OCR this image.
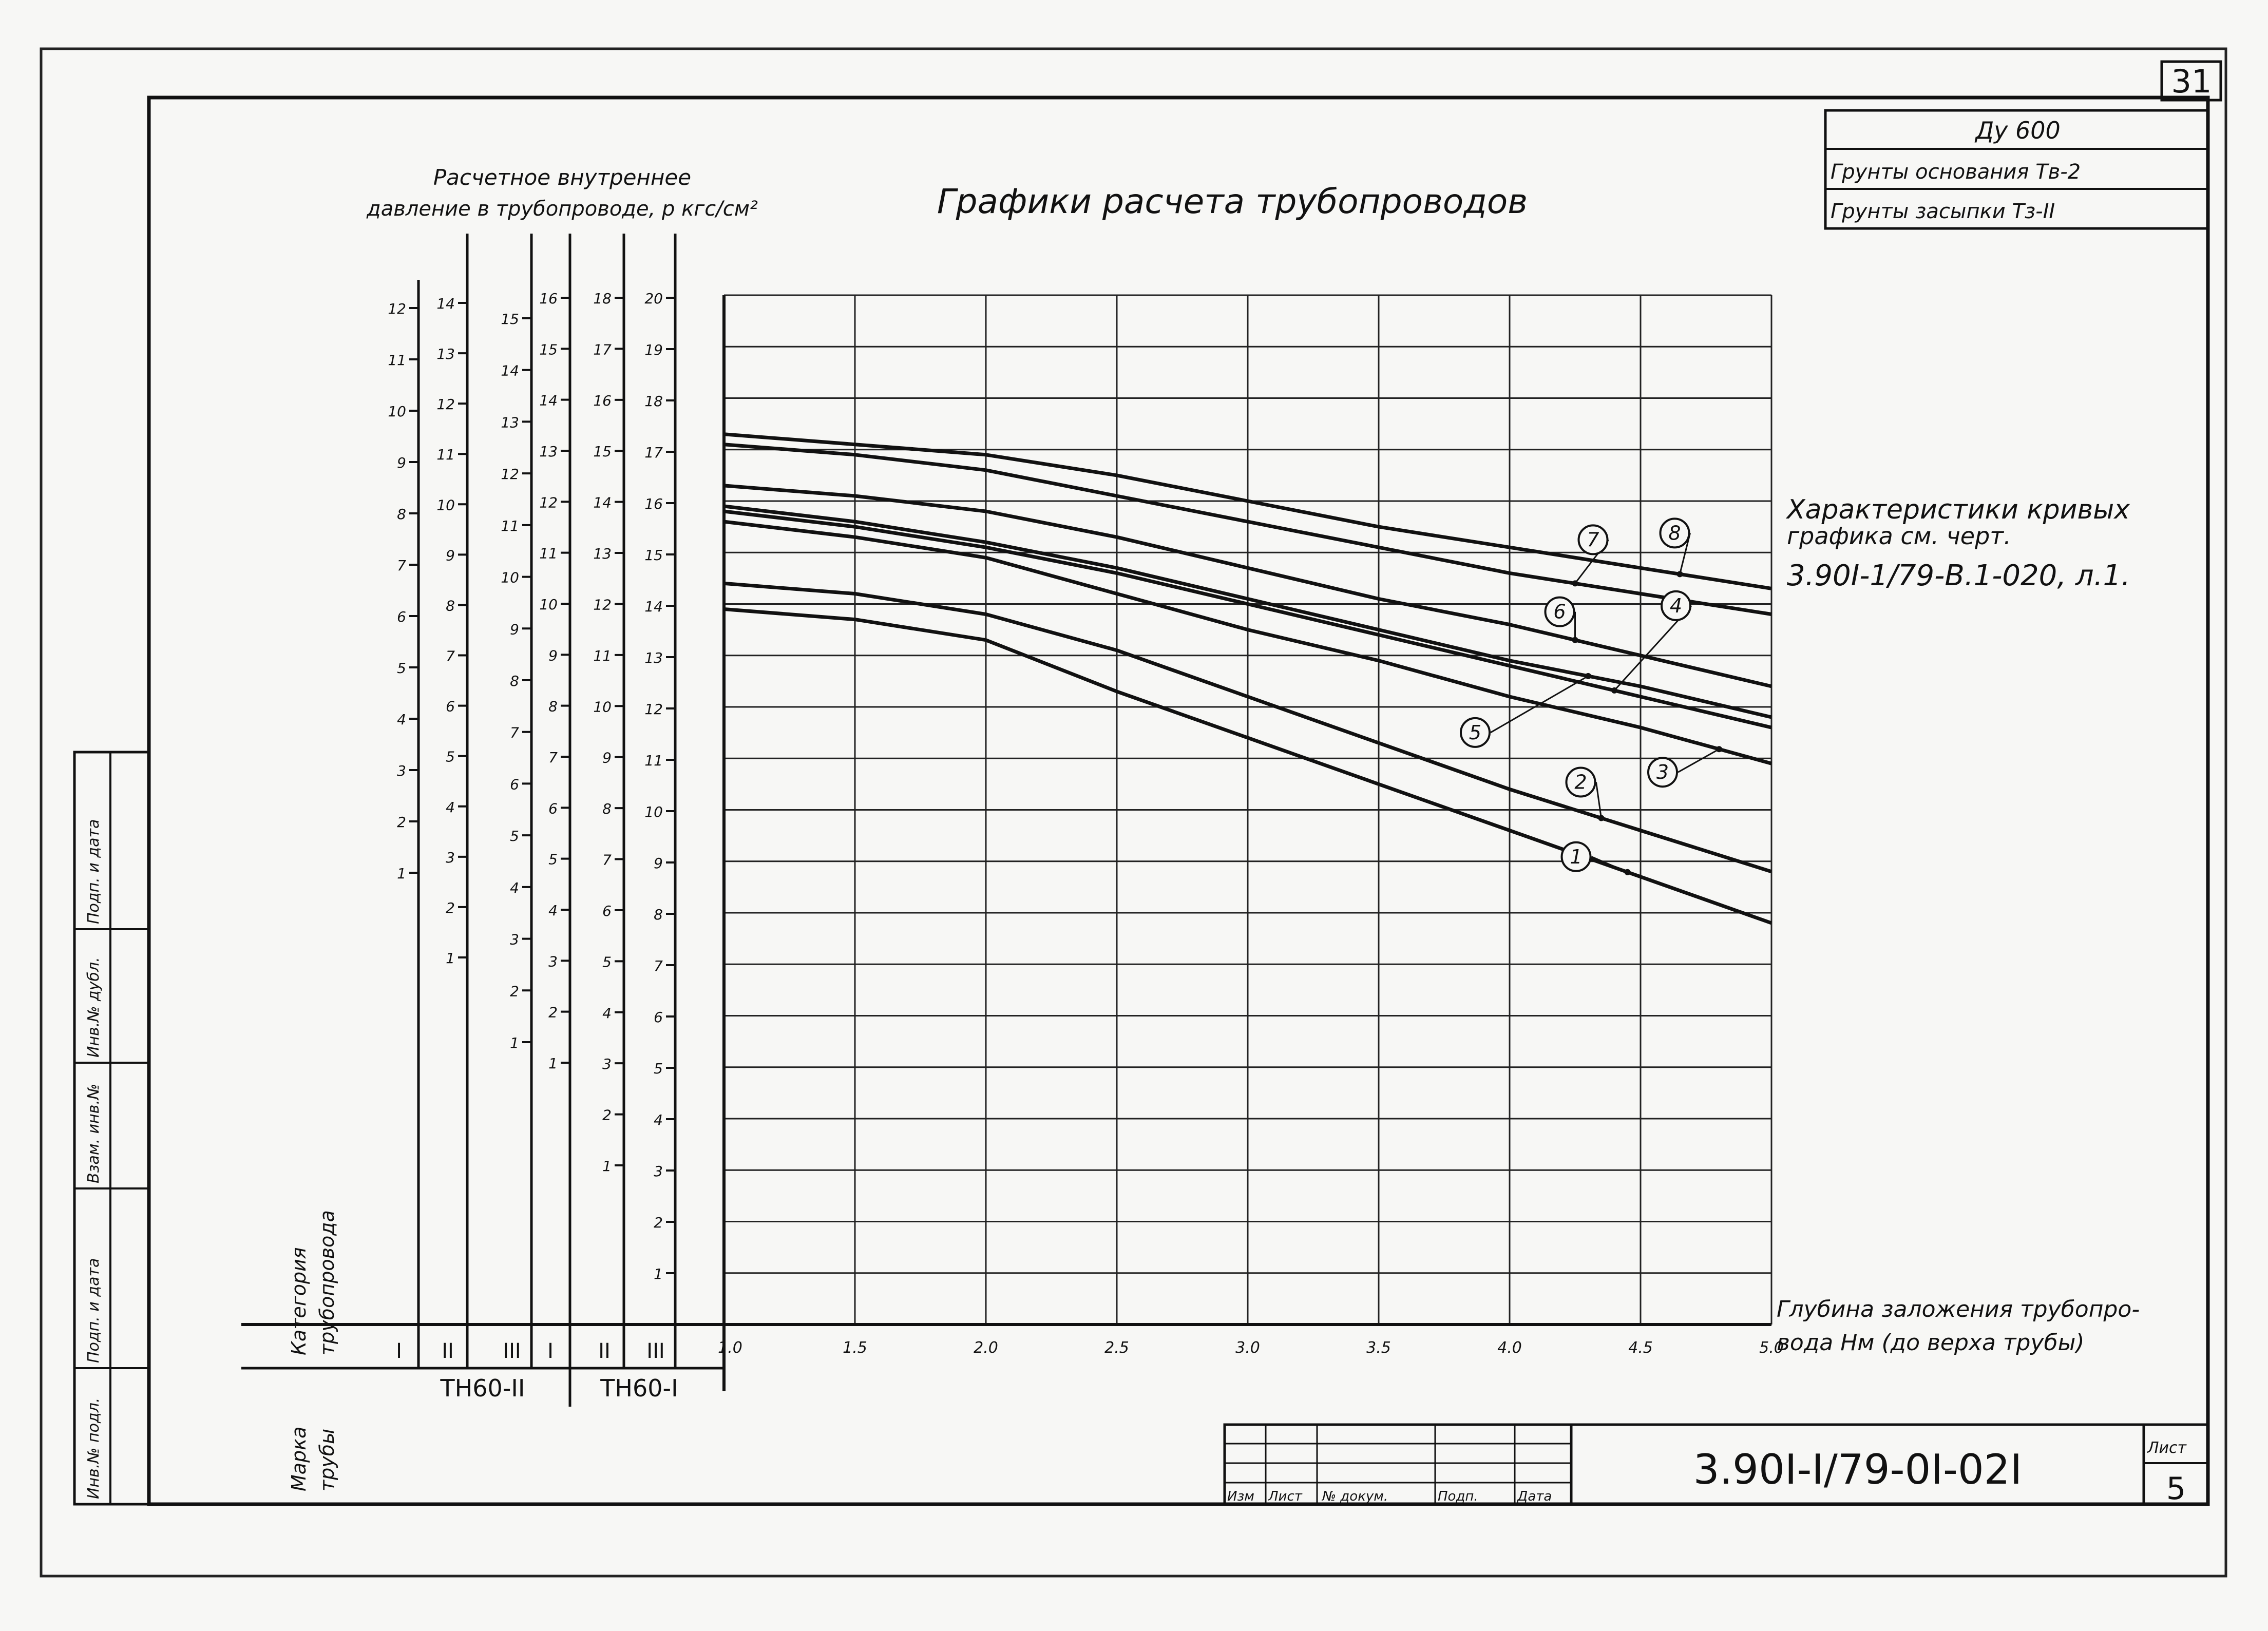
31
Ду 600
Грунты основания Tв-2
Грунты засыпки Tз-II
Инв.№ подл.
Подп. и дата
Взам. инв.№
Инв.№ дубл.
Подп. и дата
Изм Лист № докум.	Подп.	Дата
3.90I-I/79-0I-02I	Лист
5
Графики расчета трубопроводов
Расчетное внутреннее
давление в трубопроводе, р кгс/см²
Категория трубопровода
Марка трубы
1
2
3
4
5
6
7
8
9
10
11
12
I
1
2
3
4
5
6
7
8
9
10
11
12
13
14
II
1
2
3
4
5
6
7
8
9
10
11
12
13
14
15
III
1
2
3
4
5
6
7
8
9
10
11
12
13
14
15
16
I
1
2
3
4
5
6
7
8
9
10
11
12
13
14
15
16
17
18
II
1
2
3
4
5
6
7
8
9
10
11
12
13
14
15
16
17
18
19
20
III
ТН60-II	ТН60-I
1.0	1.5	2.0	2.5	3.0	3.5	4.0	4.5	5.0
Глубина заложения трубопро-
вода Нм (до верха трубы)
1
2	3
4
5
6
7	8
Характеристики кривых
графика см. черт.
3.90I-1/79-В.1-020, л.1.
